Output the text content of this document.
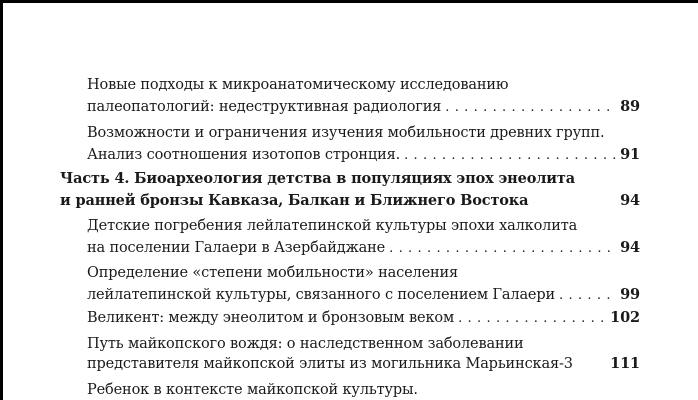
Новые подходы к микроанатомическому исследованию
палеопатологий: недеструктивная радиология . . .	89
Возможности и ограничения изучения мобильности древних групп.
Анализ соотношения изотопов стронция. . . .	91
Часть 4. Биоархеология детства в популяциях эпох энеолита
и ранней бронзы Кавказа, Балкан и Ближнего Востока	94
Детские погребения лейлатепинской культуры эпохи халколита
на поселении Галаери в Азербайджане . . .	94
Определение «степени мобильности» населения
лейлатепинской культуры, связанного с поселением Галаери . . .	99
Великент: между энеолитом и бронзовым веком . . .	102
Путь майкопского вождя: о наследственном заболевании
представителя майкопской элиты из могильника Марьинская-3	111
Ребенок в контексте майкопской культуры.
